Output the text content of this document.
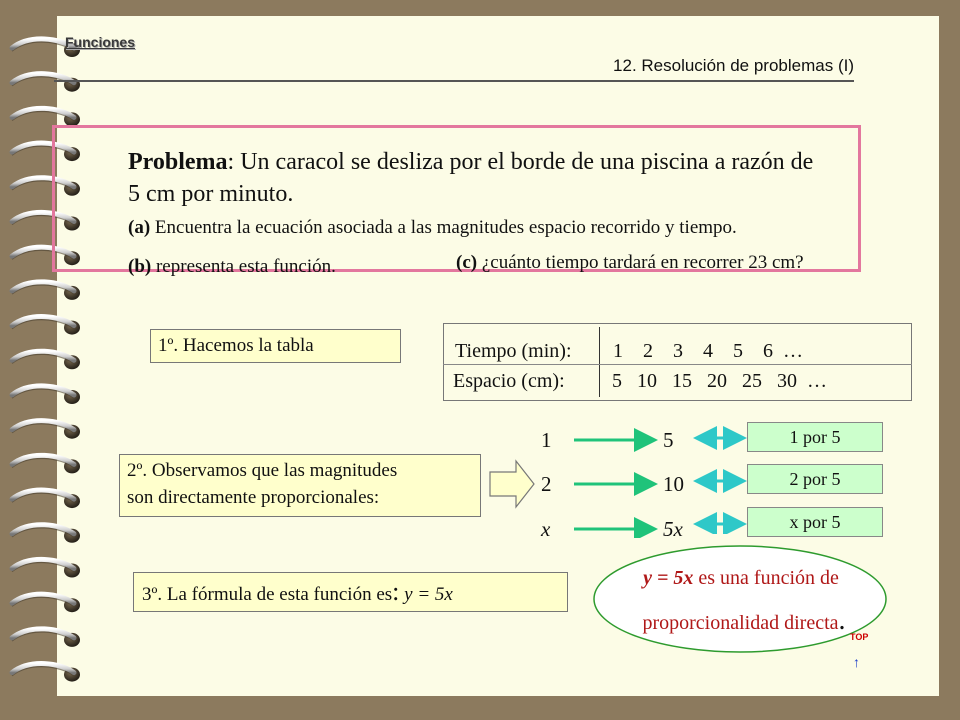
Funciones
12. Resolución de problemas (I)
Problema: Un caracol se desliza por el borde de una piscina a razón de
5 cm por minuto.
(a) Encuentra la ecuación asociada a las magnitudes espacio recorrido y tiempo.
(b) representa esta función.	(c) ¿cuánto tiempo tardará en recorrer 23 cm?
1º. Hacemos la tabla	Tiempo (min): 1    2    3    4    5    6  …
Espacio (cm): 5   10   15   20   25   30  …
2º. Observamos que las magnitudes
son directamente proporcionales:
1
2
x
5
10
5x
1 por 5
2 por 5
x por 5
3º. La fórmula de esta función es: y = 5x
y = 5x es una función de
proporcionalidad directa.
TOP
↑
